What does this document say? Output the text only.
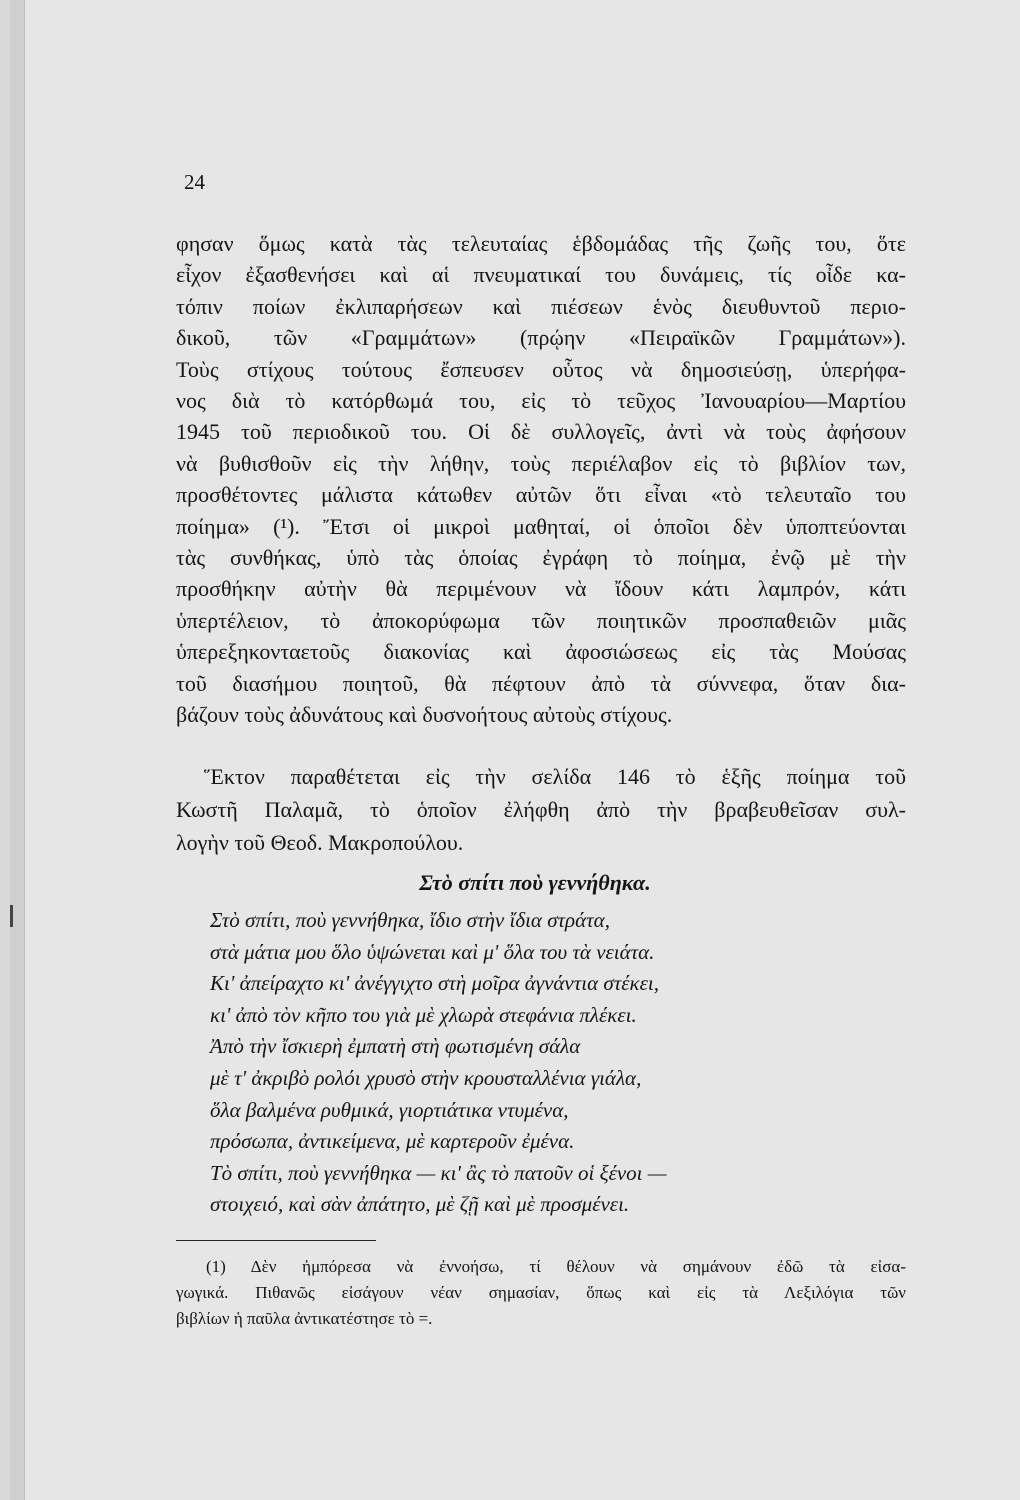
24
φησαν ὅμως κατὰ τὰς τελευταίας ἑβδομάδας τῆς ζωῆς του, ὅτε
εἶχον ἐξασθενήσει καὶ αἱ πνευματικαί του δυνάμεις, τίς οἶδε κα-
τόπιν ποίων ἐκλιπαρήσεων καὶ πιέσεων ἑνὸς διευθυντοῦ περιο-
δικοῦ, τῶν «Γραμμάτων» (πρῴην «Πειραϊκῶν Γραμμάτων»).
Τοὺς στίχους τούτους ἔσπευσεν οὗτος νὰ δημοσιεύσῃ, ὑπερήφα-
νος διὰ τὸ κατόρθωμά του, εἰς τὸ τεῦχος Ἰανουαρίου—Μαρτίου
1945 τοῦ περιοδικοῦ του. Οἱ δὲ συλλογεῖς, ἀντὶ νὰ τοὺς ἀφήσουν
νὰ βυθισθοῦν εἰς τὴν λήθην, τοὺς περιέλαβον εἰς τὸ βιβλίον των,
προσθέτοντες μάλιστα κάτωθεν αὐτῶν ὅτι εἶναι «τὸ τελευταῖο του
ποίημα» (¹). Ἔτσι οἱ μικροὶ μαθηταί, οἱ ὁποῖοι δὲν ὑποπτεύονται
τὰς συνθήκας, ὑπὸ τὰς ὁποίας ἐγράφη τὸ ποίημα, ἐνῷ μὲ τὴν
προσθήκην αὐτὴν θὰ περιμένουν νὰ ἴδουν κάτι λαμπρόν, κάτι
ὑπερτέλειον, τὸ ἀποκορύφωμα τῶν ποιητικῶν προσπαθειῶν μιᾶς
ὑπερεξηκονταετοῦς διακονίας καὶ ἀφοσιώσεως εἰς τὰς Μούσας
τοῦ διασήμου ποιητοῦ, θὰ πέφτουν ἀπὸ τὰ σύννεφα, ὅταν δια-
βάζουν τοὺς ἀδυνάτους καὶ δυσνοήτους αὐτοὺς στίχους.
Ἕκτον παραθέτεται εἰς τὴν σελίδα 146 τὸ ἑξῆς ποίημα τοῦ
Κωστῆ Παλαμᾶ, τὸ ὁποῖον ἐλήφθη ἀπὸ τὴν βραβευθεῖσαν συλ-
λογὴν τοῦ Θεοδ. Μακροπούλου.
Στὸ σπίτι ποὺ γεννήθηκα.
Στὸ σπίτι, ποὺ γεννήθηκα, ἴδιο στὴν ἴδια στράτα,
στὰ μάτια μου ὅλο ὑψώνεται καὶ μ' ὅλα του τὰ νειάτα.
Κι' ἀπείραχτο κι' ἀνέγγιχτο στὴ μοῖρα ἀγνάντια στέκει,
κι' ἀπὸ τὸν κῆπο του γιὰ μὲ χλωρὰ στεφάνια πλέκει.
Ἀπὸ τὴν ἴσκιερὴ ἐμπατὴ στὴ φωτισμένη σάλα
μὲ τ' ἀκριβὸ ρολόι χρυσὸ στὴν κρουσταλλένια γιάλα,
ὅλα βαλμένα ρυθμικά, γιορτιάτικα ντυμένα,
πρόσωπα, ἀντικείμενα, μὲ καρτεροῦν ἐμένα.
Τὸ σπίτι, ποὺ γεννήθηκα — κι' ἂς τὸ πατοῦν οἱ ξένοι —
στοιχειό, καὶ σὰν ἀπάτητο, μὲ ζῇ καὶ μὲ προσμένει.
(1) Δὲν ἠμπόρεσα νὰ ἐννοήσω, τί θέλουν νὰ σημάνουν ἐδῶ τὰ εἰσα-
γωγικά. Πιθανῶς εἰσάγουν νέαν σημασίαν, ὅπως καὶ εἰς τὰ Λεξιλόγια τῶν
βιβλίων ἡ παῦλα ἀντικατέστησε τὸ =.
